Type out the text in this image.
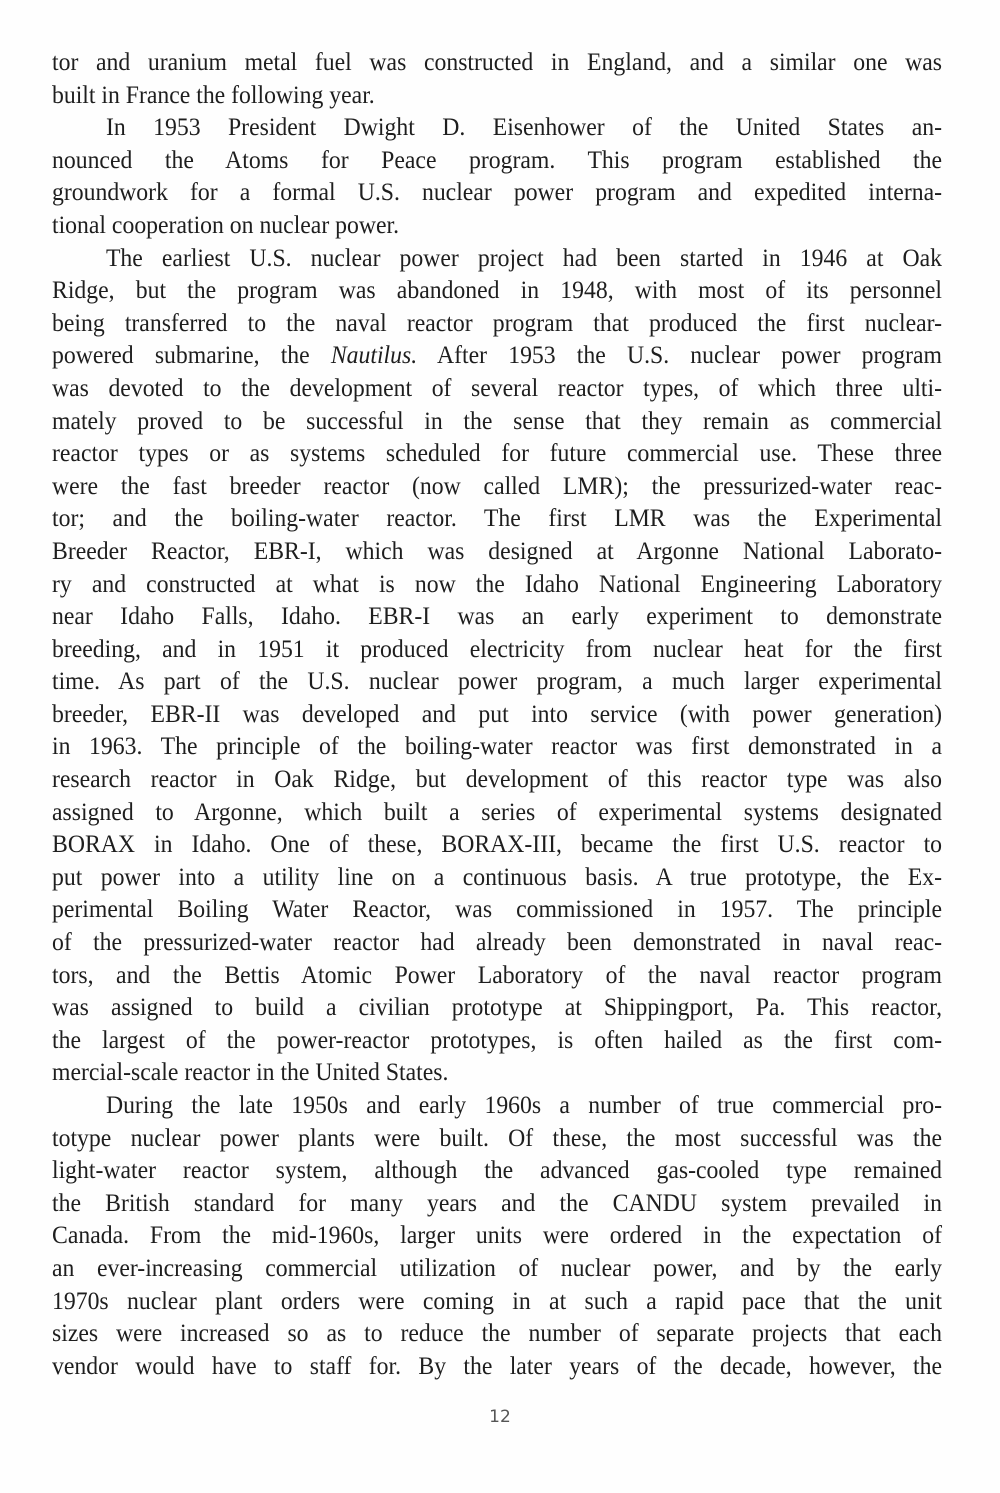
tor and uranium metal fuel was constructed in England, and a similar one was
built in France the following year.
In 1953 President Dwight D. Eisenhower of the United States an-
nounced the Atoms for Peace program. This program established the
groundwork for a formal U.S. nuclear power program and expedited interna-
tional cooperation on nuclear power.
The earliest U.S. nuclear power project had been started in 1946 at Oak
Ridge, but the program was abandoned in 1948, with most of its personnel
being transferred to the naval reactor program that produced the first nuclear-
powered submarine, the Nautilus. After 1953 the U.S. nuclear power program
was devoted to the development of several reactor types, of which three ulti-
mately proved to be successful in the sense that they remain as commercial
reactor types or as systems scheduled for future commercial use. These three
were the fast breeder reactor (now called LMR); the pressurized-water reac-
tor; and the boiling-water reactor. The first LMR was the Experimental
Breeder Reactor, EBR-I, which was designed at Argonne National Laborato-
ry and constructed at what is now the Idaho National Engineering Laboratory
near Idaho Falls, Idaho. EBR-I was an early experiment to demonstrate
breeding, and in 1951 it produced electricity from nuclear heat for the first
time. As part of the U.S. nuclear power program, a much larger experimental
breeder, EBR-II was developed and put into service (with power generation)
in 1963. The principle of the boiling-water reactor was first demonstrated in a
research reactor in Oak Ridge, but development of this reactor type was also
assigned to Argonne, which built a series of experimental systems designated
BORAX in Idaho. One of these, BORAX-III, became the first U.S. reactor to
put power into a utility line on a continuous basis. A true prototype, the Ex-
perimental Boiling Water Reactor, was commissioned in 1957. The principle
of the pressurized-water reactor had already been demonstrated in naval reac-
tors, and the Bettis Atomic Power Laboratory of the naval reactor program
was assigned to build a civilian prototype at Shippingport, Pa. This reactor,
the largest of the power-reactor prototypes, is often hailed as the first com-
mercial-scale reactor in the United States.
During the late 1950s and early 1960s a number of true commercial pro-
totype nuclear power plants were built. Of these, the most successful was the
light-water reactor system, although the advanced gas-cooled type remained
the British standard for many years and the CANDU system prevailed in
Canada. From the mid-1960s, larger units were ordered in the expectation of
an ever-increasing commercial utilization of nuclear power, and by the early
1970s nuclear plant orders were coming in at such a rapid pace that the unit
sizes were increased so as to reduce the number of separate projects that each
vendor would have to staff for. By the later years of the decade, however, the
12
